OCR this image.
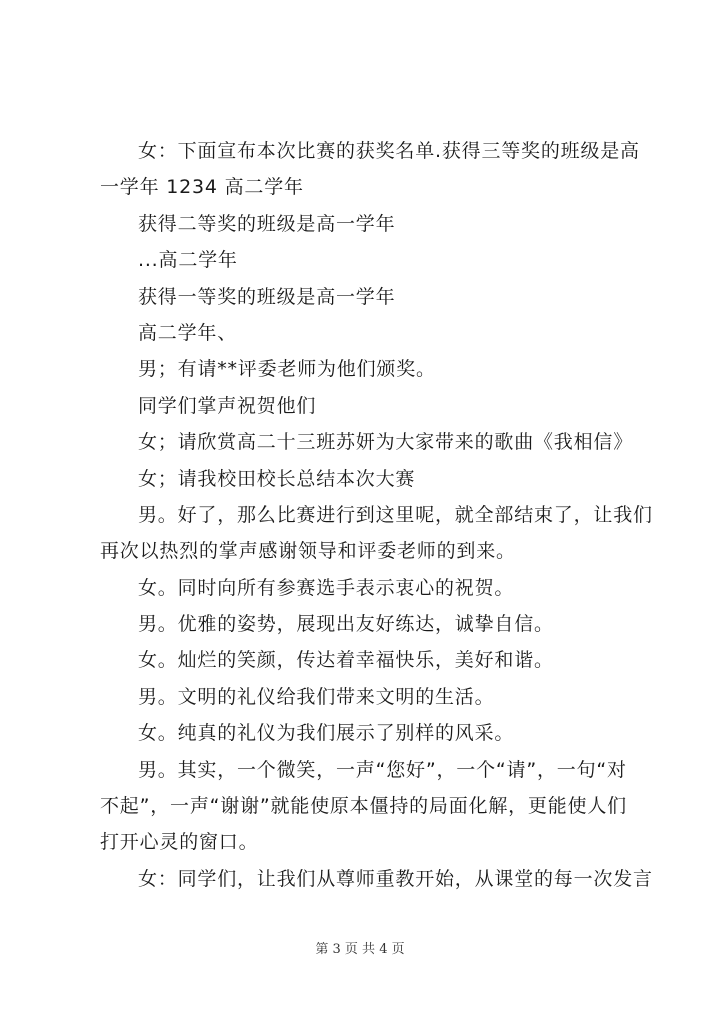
女：下面宣布本次比赛的获奖名单.获得三等奖的班级是高
一学年 1234 高二学年
获得二等奖的班级是高一学年
...高二学年
获得一等奖的班级是高一学年
高二学年、
男；有请**评委老师为他们颁奖。
同学们掌声祝贺他们
女；请欣赏高二十三班苏妍为大家带来的歌曲《我相信》
女；请我校田校长总结本次大赛
男。好了，那么比赛进行到这里呢，就全部结束了，让我们
再次以热烈的掌声感谢领导和评委老师的到来。
女。同时向所有参赛选手表示衷心的祝贺。
男。优雅的姿势，展现出友好练达，诚挚自信。
女。灿烂的笑颜，传达着幸福快乐，美好和谐。
男。文明的礼仪给我们带来文明的生活。
女。纯真的礼仪为我们展示了别样的风采。
男。其实，一个微笑，一声“您好”，一个“请”，一句“对
不起”，一声“谢谢”就能使原本僵持的局面化解，更能使人们
打开心灵的窗口。
女：同学们，让我们从尊师重教开始，从课堂的每一次发言
第 3 页 共 4 页
